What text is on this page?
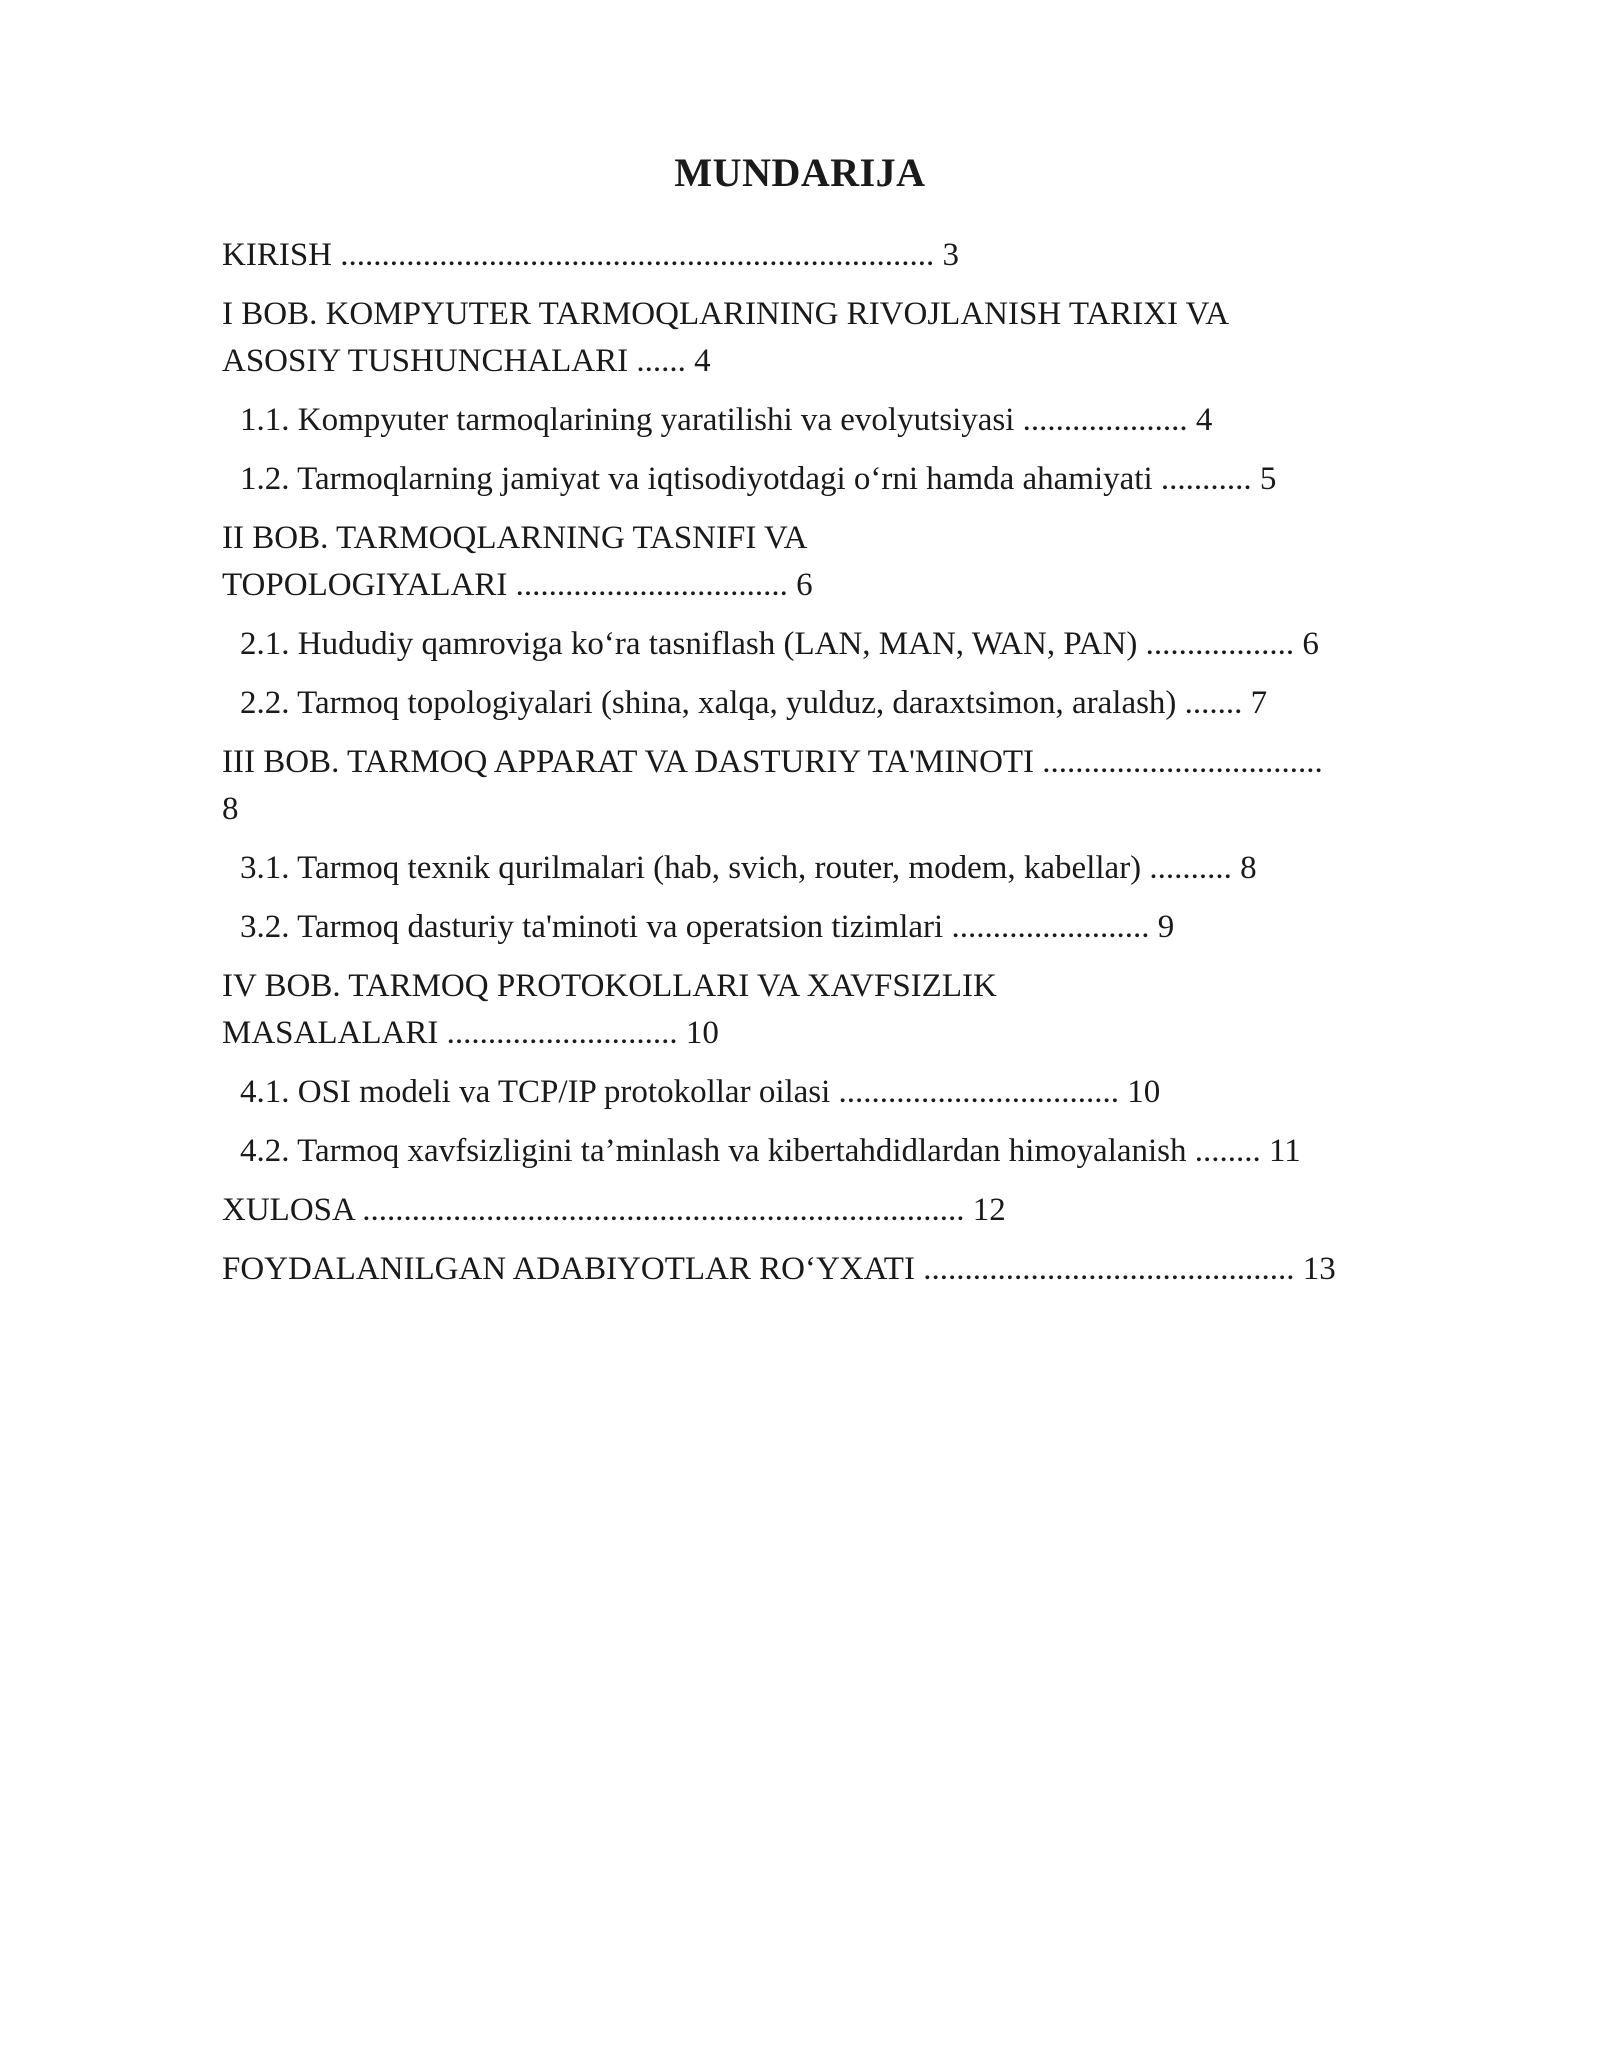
MUNDARIJA
KIRISH ........................................................................ 3
I BOB. KOMPYUTER TARMOQLARINING RIVOJLANISH TARIXI VA
ASOSIY TUSHUNCHALARI ...... 4
1.1. Kompyuter tarmoqlarining yaratilishi va evolyutsiyasi .................... 4
1.2. Tarmoqlarning jamiyat va iqtisodiyotdagi o‘rni hamda ahamiyati ........... 5
II BOB. TARMOQLARNING TASNIFI VA
TOPOLOGIYALARI ................................. 6
2.1. Hududiy qamroviga ko‘ra tasniflash (LAN, MAN, WAN, PAN) .................. 6
2.2. Tarmoq topologiyalari (shina, xalqa, yulduz, daraxtsimon, aralash) ....... 7
III BOB. TARMOQ APPARAT VA DASTURIY TA'MINOTI ..................................
8
3.1. Tarmoq texnik qurilmalari (hab, svich, router, modem, kabellar) .......... 8
3.2. Tarmoq dasturiy ta'minoti va operatsion tizimlari ........................ 9
IV BOB. TARMOQ PROTOKOLLARI VA XAVFSIZLIK
MASALALARI ............................ 10
4.1. OSI modeli va TCP/IP protokollar oilasi .................................. 10
4.2. Tarmoq xavfsizligini ta’minlash va kibertahdidlardan himoyalanish ........ 11
XULOSA ......................................................................... 12
FOYDALANILGAN ADABIYOTLAR RO‘YXATI ............................................. 13
